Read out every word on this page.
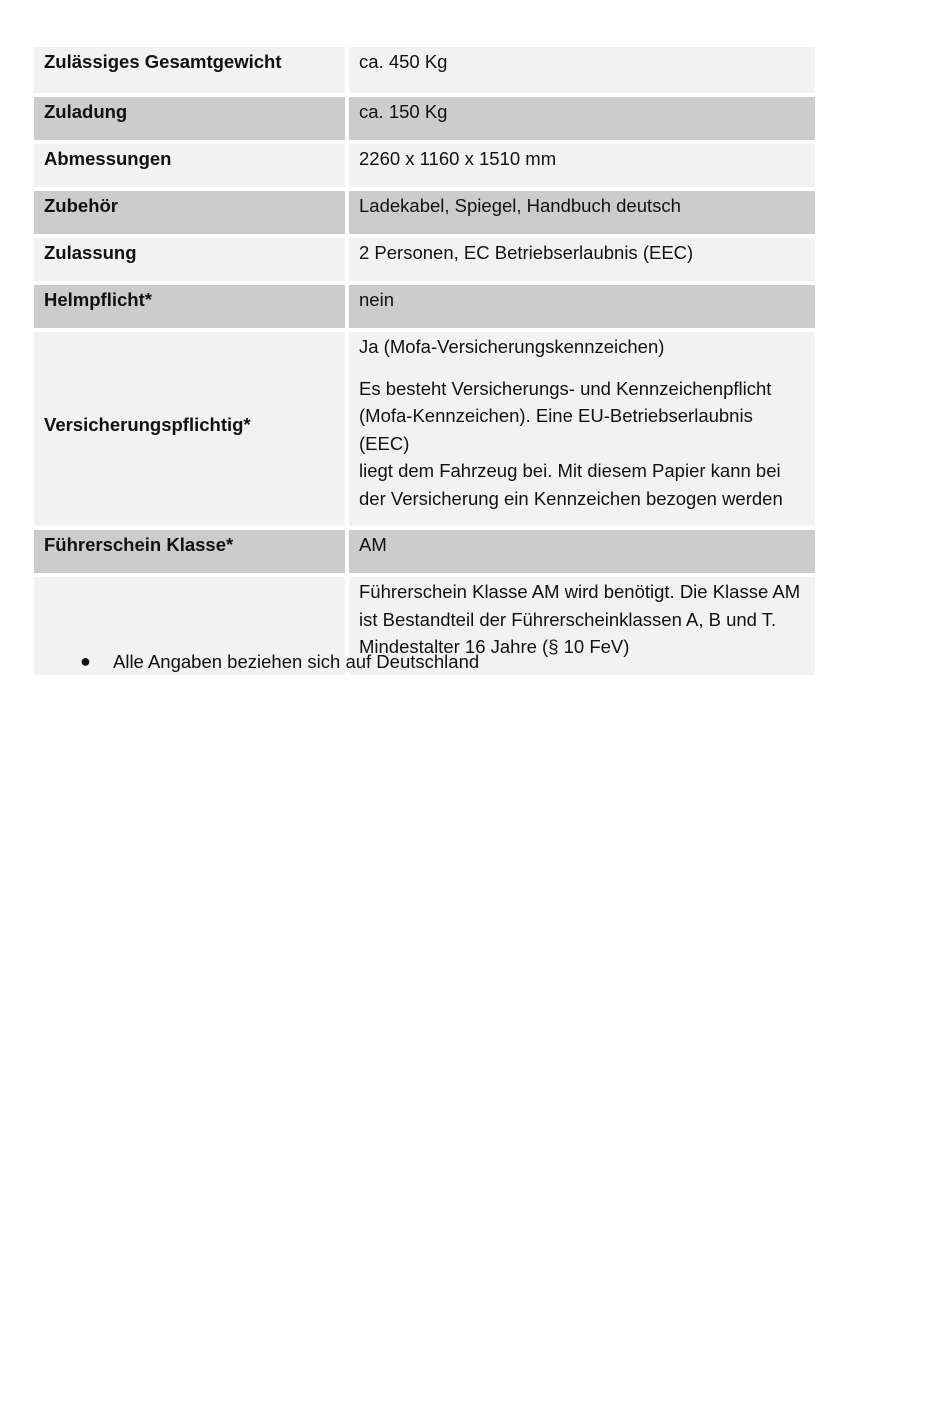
Zulässiges Gesamtgewicht	ca. 450 Kg
Zuladung	ca. 150 Kg
Abmessungen	2260 x 1160 x 1510 mm
Zubehör	Ladekabel, Spiegel, Handbuch deutsch
Zulassung	2 Personen, EC Betriebserlaubnis (EEC)
Helmpflicht*	nein
Versicherungspflichtig*	Ja (Mofa-Versicherungskennzeichen)
Es besteht Versicherungs- und Kennzeichenpflicht
(Mofa-Kennzeichen). Eine EU-Betriebserlaubnis (EEC)
liegt dem Fahrzeug bei. Mit diesem Papier kann bei
der Versicherung ein Kennzeichen bezogen werden

Führerschein Klasse*	AM

	Führerschein Klasse AM wird benötigt. Die Klasse AM
ist Bestandteil der Führerscheinklassen A, B und T.
Mindestalter 16 Jahre (§ 10 FeV)
●	Alle Angaben beziehen sich auf Deutschland
